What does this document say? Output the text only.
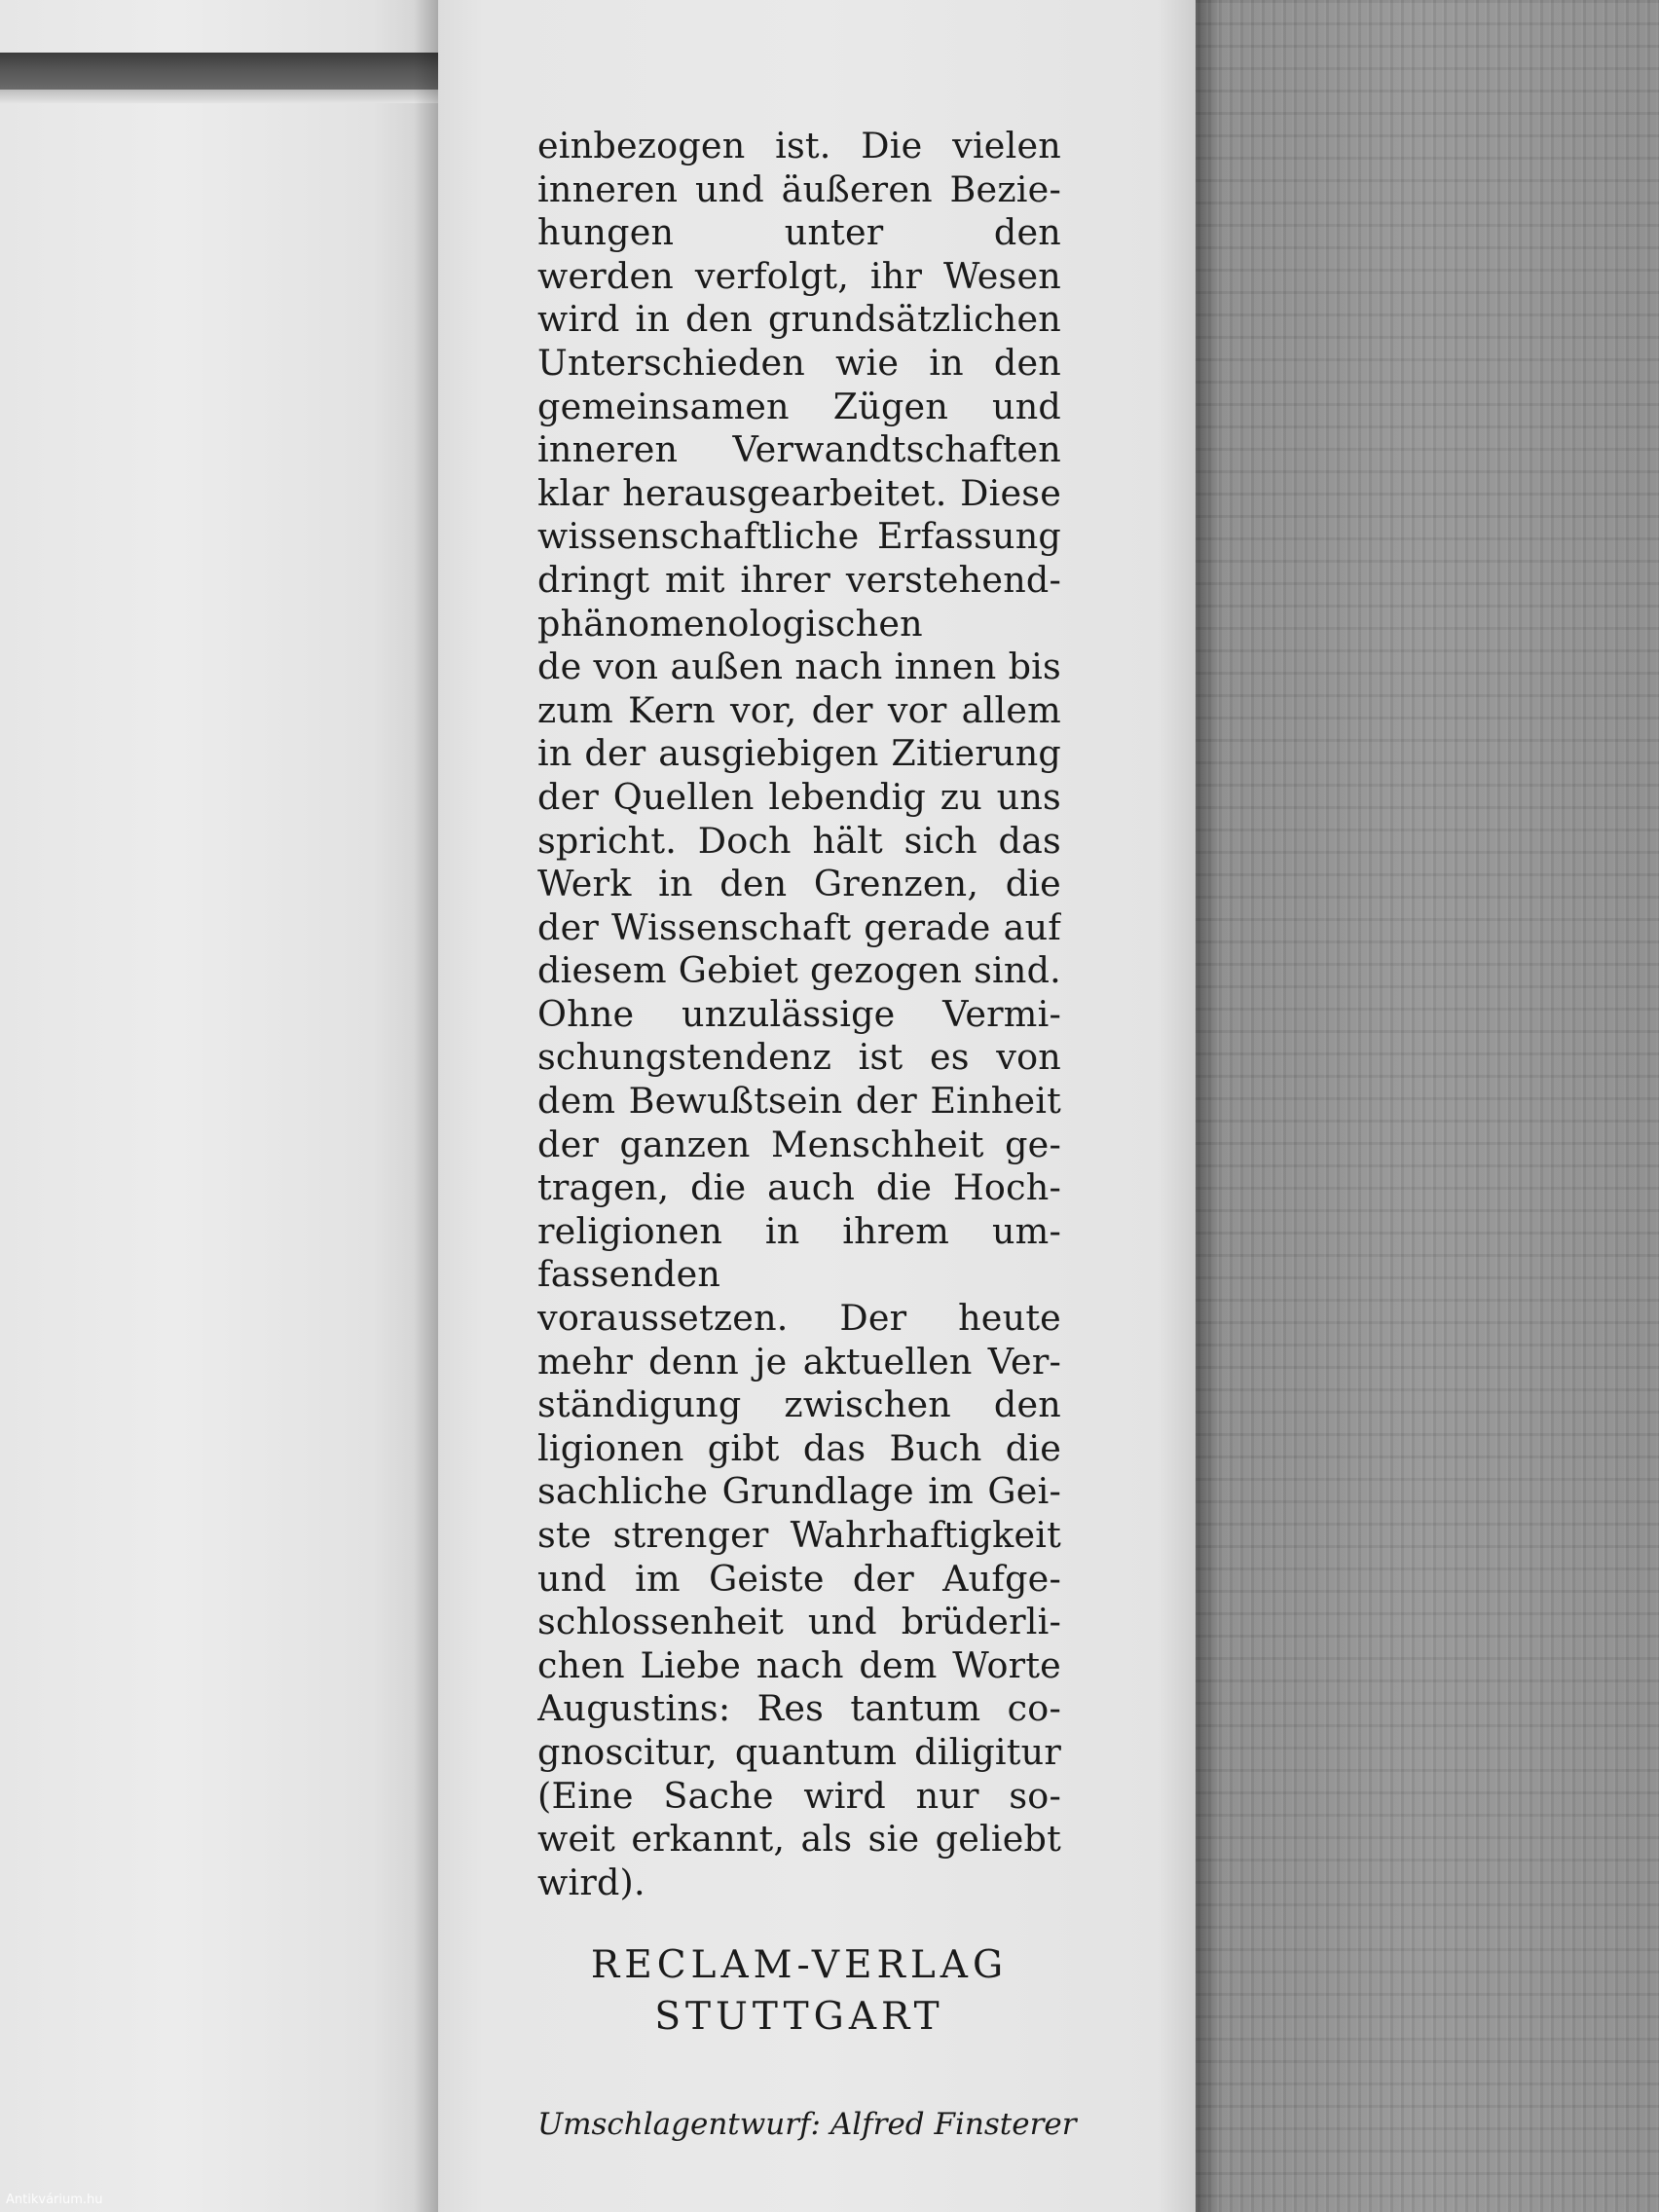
einbezogen ist. Die vielen
inneren und äußeren Bezie-
hungen unter den
werden verfolgt, ihr Wesen
wird in den grundsätzlichen
Unterschieden wie in den
gemeinsamen Zügen und
inneren Verwandtschaften
klar herausgearbeitet. Diese
wissenschaftliche Erfassung
dringt mit ihrer verstehend-
phänomenologischen
de von außen nach innen bis
zum Kern vor, der vor allem
in der ausgiebigen Zitierung
der Quellen lebendig zu uns
spricht. Doch hält sich das
Werk in den Grenzen, die
der Wissenschaft gerade auf
diesem Gebiet gezogen sind.
Ohne unzulässige Vermi-
schungstendenz ist es von
dem Bewußtsein der Einheit
der ganzen Menschheit ge-
tragen, die auch die Hoch-
religionen in ihrem um-
fassenden
voraussetzen. Der heute
mehr denn je aktuellen Ver-
ständigung zwischen den
ligionen gibt das Buch die
sachliche Grundlage im Gei-
ste strenger Wahrhaftigkeit
und im Geiste der Aufge-
schlossenheit und brüderli-
chen Liebe nach dem Worte
Augustins: Res tantum co-
gnoscitur, quantum diligitur
(Eine Sache wird nur so-
weit erkannt, als sie geliebt
wird).
RECLAM-VERLAG
STUTTGART
Umschlagentwurf: Alfred Finsterer
Antikvárium.hu
